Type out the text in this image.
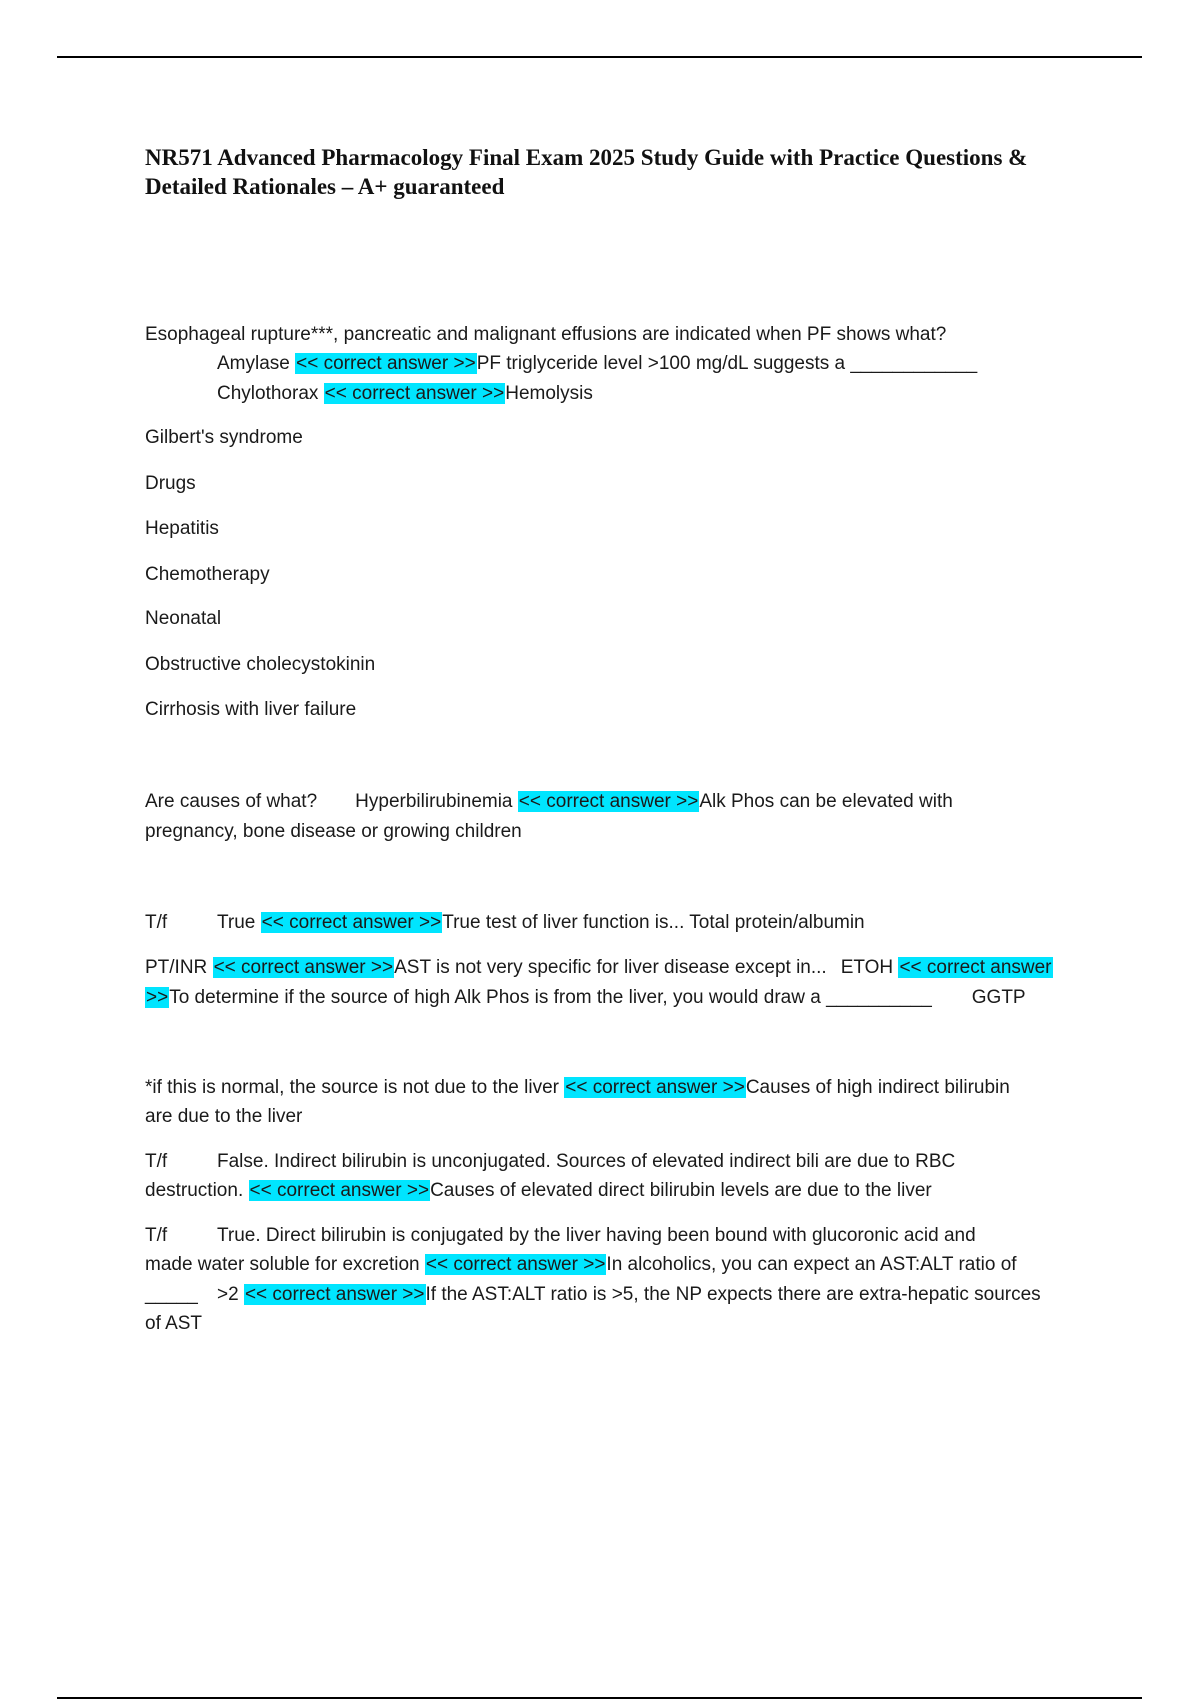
NR571 Advanced Pharmacology Final Exam 2025 Study Guide with Practice Questions &
Detailed Rationales – A+ guaranteed
Esophageal rupture***, pancreatic and malignant effusions are indicated when PF shows what?
Amylase << correct answer >>PF triglyceride level >100 mg/dL suggests a ____________
Chylothorax << correct answer >>Hemolysis
Gilbert's syndrome
Drugs
Hepatitis
Chemotherapy
Neonatal
Obstructive cholecystokinin
Cirrhosis with liver failure
Are causes of what? Hyperbilirubinemia << correct answer >>Alk Phos can be elevated with
pregnancy, bone disease or growing children
T/f	True << correct answer >>True test of liver function is... Total protein/albumin
PT/INR << correct answer >>AST is not very specific for liver disease except in... ETOH << correct answer
>>To determine if the source of high Alk Phos is from the liver, you would draw a __________ GGTP
*if this is normal, the source is not due to the liver << correct answer >>Causes of high indirect bilirubin
are due to the liver
T/f	False. Indirect bilirubin is unconjugated. Sources of elevated indirect bili are due to RBC
destruction. << correct answer >>Causes of elevated direct bilirubin levels are due to the liver
T/f	True. Direct bilirubin is conjugated by the liver having been bound with glucoronic acid and
made water soluble for excretion << correct answer >>In alcoholics, you can expect an AST:ALT ratio of
_____ >2 << correct answer >>If the AST:ALT ratio is >5, the NP expects there are extra-hepatic sources
of AST
